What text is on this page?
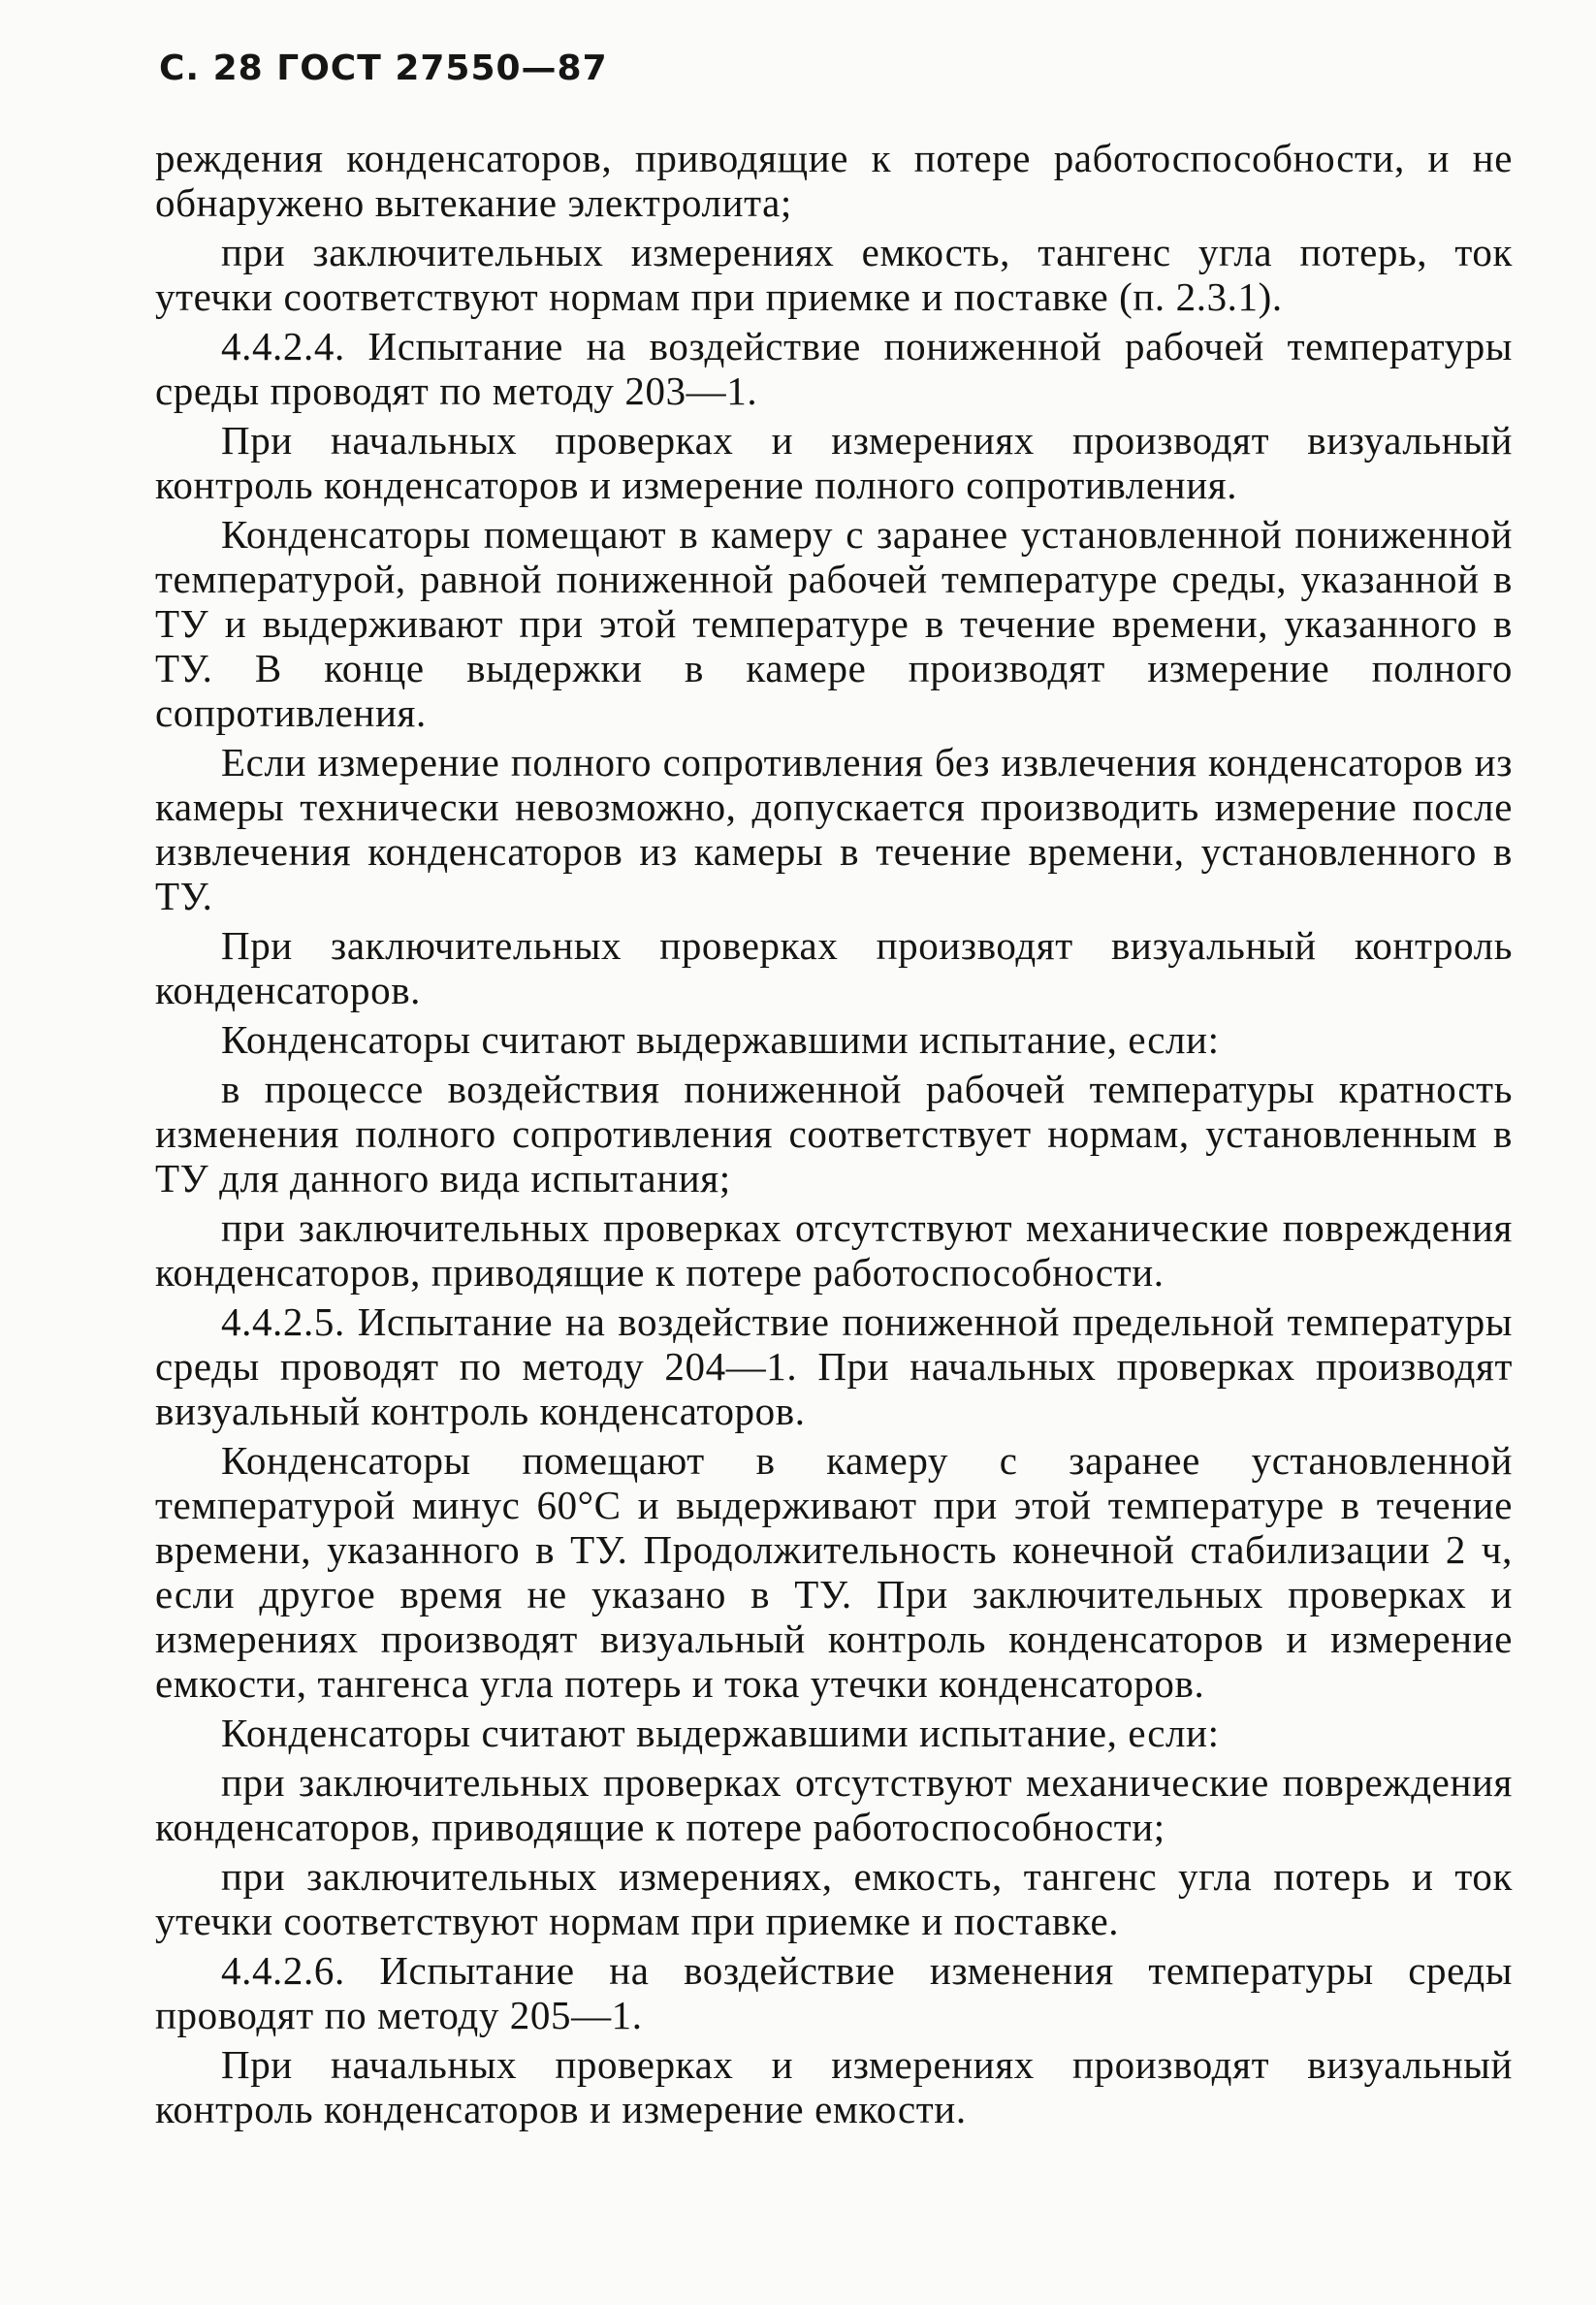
С. 28 ГОСТ 27550—87

реждения конденсаторов, приводящие к потере работоспособности, и не обнаружено вытекание электролита;

при заключительных измерениях емкость, тангенс угла потерь, ток утечки соответствуют нормам при приемке и поставке (п. 2.3.1).

4.4.2.4. Испытание на воздействие пониженной рабочей температуры среды проводят по методу 203—1.

При начальных проверках и измерениях производят визуальный контроль конденсаторов и измерение полного сопротивления.

Конденсаторы помещают в камеру с заранее установленной пониженной температурой, равной пониженной рабочей температуре среды, указанной в ТУ и выдерживают при этой температуре в течение времени, указанного в ТУ. В конце выдержки в камере производят измерение полного сопротивления.

Если измерение полного сопротивления без извлечения конденсаторов из камеры технически невозможно, допускается производить измерение после извлечения конденсаторов из камеры в течение времени, установленного в ТУ.

При заключительных проверках производят визуальный контроль конденсаторов.

Конденсаторы считают выдержавшими испытание, если:

в процессе воздействия пониженной рабочей температуры кратность изменения полного сопротивления соответствует нормам, установленным в ТУ для данного вида испытания;

при заключительных проверках отсутствуют механические повреждения конденсаторов, приводящие к потере работоспособности.

4.4.2.5. Испытание на воздействие пониженной предельной температуры среды проводят по методу 204—1. При начальных проверках производят визуальный контроль конденсаторов.

Конденсаторы помещают в камеру с заранее установленной температурой минус 60°С и выдерживают при этой температуре в течение времени, указанного в ТУ. Продолжительность конечной стабилизации 2 ч, если другое время не указано в ТУ. При заключительных проверках и измерениях производят визуальный контроль конденсаторов и измерение емкости, тангенса угла потерь и тока утечки конденсаторов.

Конденсаторы считают выдержавшими испытание, если:

при заключительных проверках отсутствуют механические повреждения конденсаторов, приводящие к потере работоспособности;

при заключительных измерениях, емкость, тангенс угла потерь и ток утечки соответствуют нормам при приемке и поставке.

4.4.2.6. Испытание на воздействие изменения температуры среды проводят по методу 205—1.

При начальных проверках и измерениях производят визуальный контроль конденсаторов и измерение емкости.
